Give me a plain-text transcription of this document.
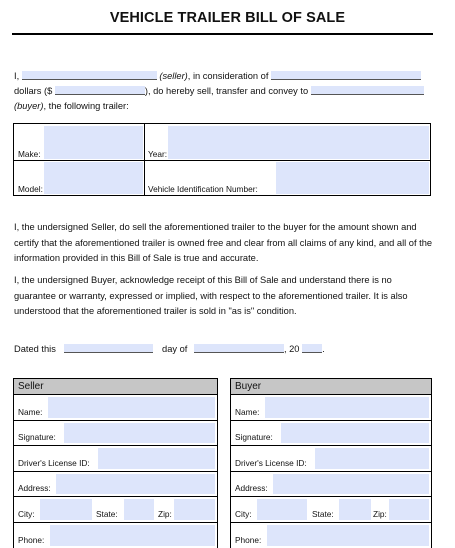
VEHICLE TRAILER BILL OF SALE
I,	(seller), in consideration of
dollars ($	), do hereby sell, transfer and convey to
(buyer), the following trailer:
Make:	Year:
Model:	Vehicle Identification Number:
I, the undersigned Seller, do sell the aforementioned trailer to the buyer for the amount shown and certify that the aforementioned trailer is owned free and clear from all claims of any kind, and all of the information provided in this Bill of Sale is true and accurate.
I, the undersigned Buyer, acknowledge receipt of this Bill of Sale and understand there is no guarantee or warranty, expressed or implied, with respect to the aforementioned trailer. It is also understood that the aforementioned trailer is sold in "as is" condition.
Dated this	day of	, 20 .
Seller
Name:
Signature:
Driver's License ID:
Address:
City:	State:	Zip:
Phone:
Buyer
Name:
Signature:
Driver's License ID:
Address:
City:	State:	Zip:
Phone:
